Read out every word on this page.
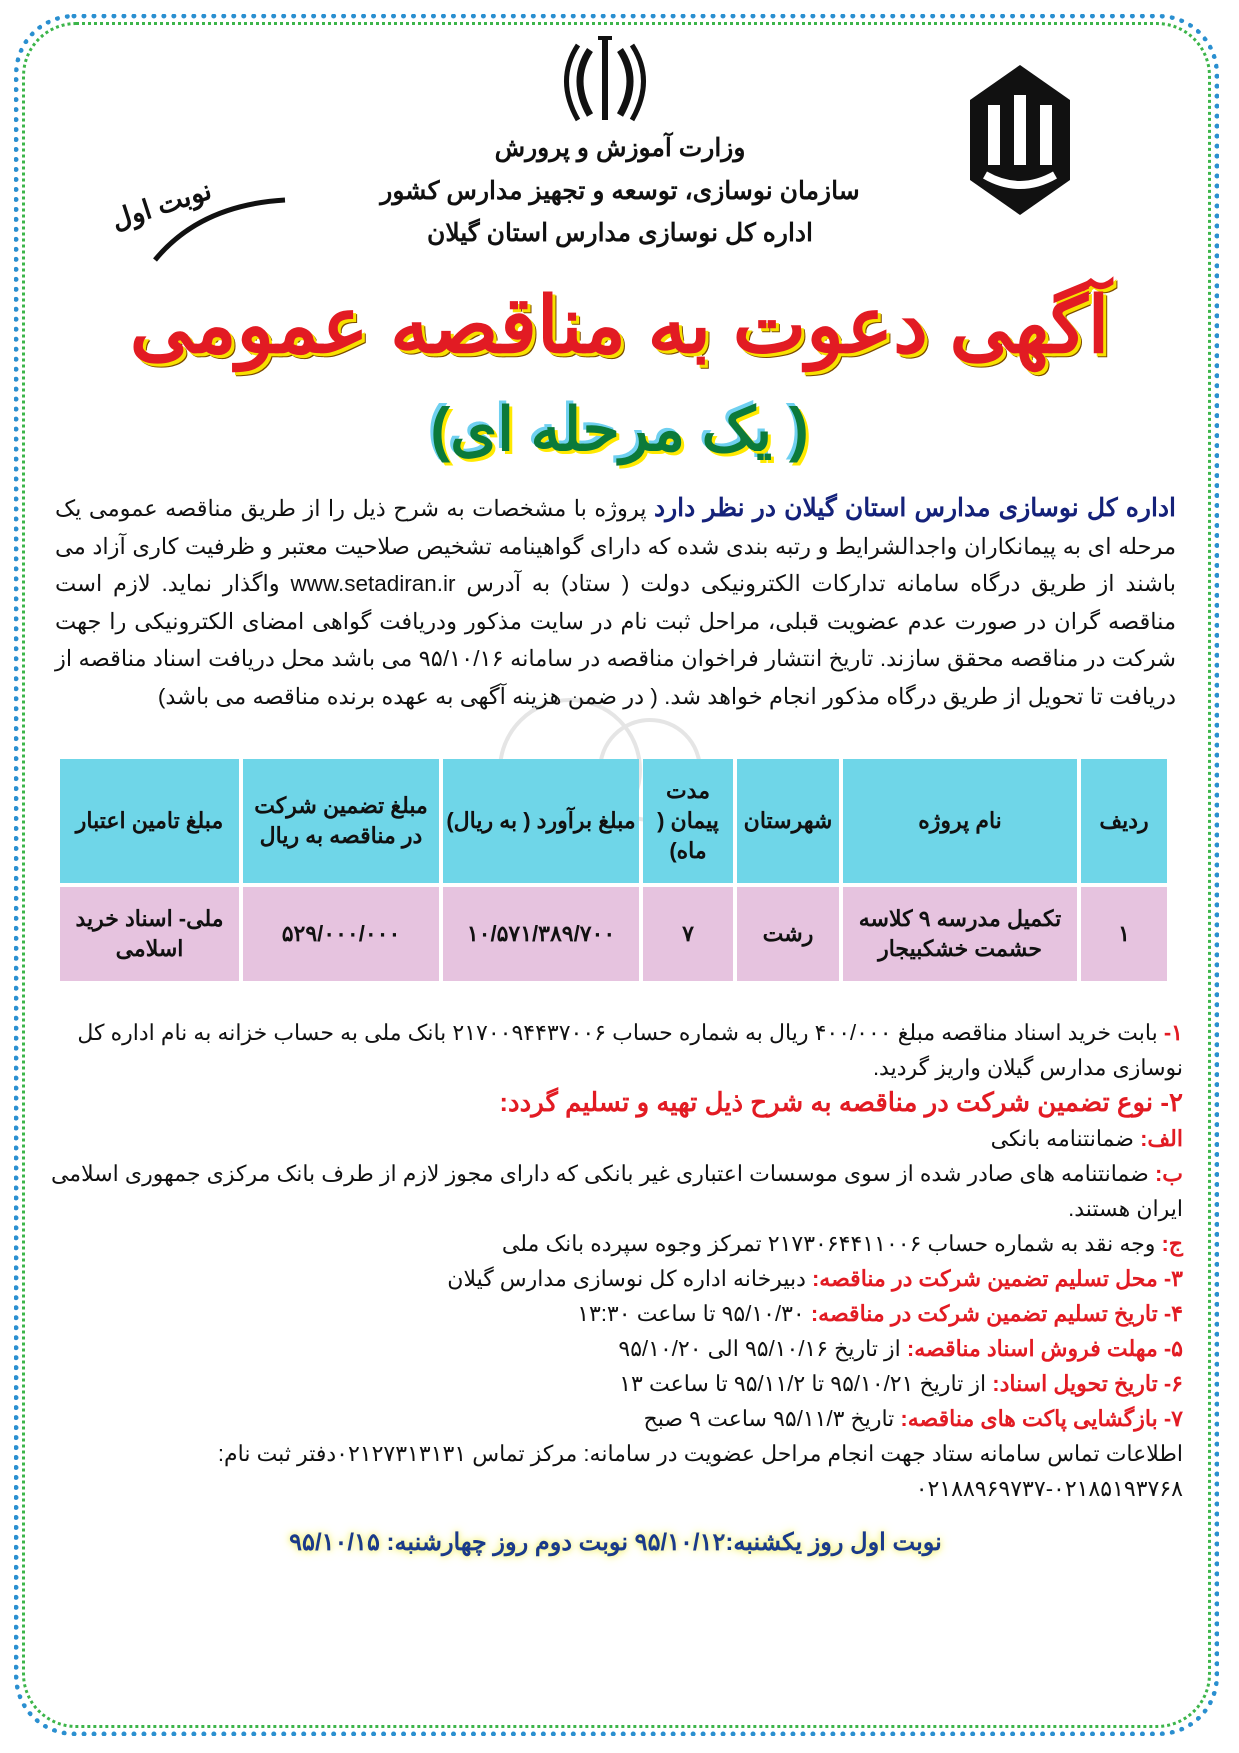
وزارت آموزش و پرورش
سازمان نوسازی، توسعه و تجهیز مدارس کشور
اداره کل نوسازی مدارس استان گیلان
نوبت اول
آگهی دعوت به مناقصه عمومی
( یک مرحله ای)
اداره کل نوسازی مدارس استان گیلان در نظر دارد پروژه با مشخصات به شرح ذیل را از طریق مناقصه عمومی یک مرحله ای به پیمانکاران واجدالشرایط و رتبه بندی شده که دارای گواهینامه تشخیص صلاحیت معتبر و ظرفیت کاری آزاد می باشند از طریق درگاه سامانه تدارکات الکترونیکی دولت ( ستاد) به آدرس www.setadiran.ir واگذار نماید. لازم است مناقصه گران در صورت عدم عضویت قبلی، مراحل ثبت نام در سایت مذکور ودریافت گواهی امضای الکترونیکی را جهت شرکت در مناقصه محقق سازند. تاریخ انتشار فراخوان مناقصه در سامانه ۹۵/۱۰/۱۶ می باشد محل دریافت اسناد مناقصه از دریافت تا تحویل از طریق درگاه مذکور انجام خواهد شد. ( در ضمن هزینه آگهی به عهده برنده مناقصه می باشد)
ردیف	نام پروژه	شهرستان	مدت پیمان ( ماه)	مبلغ برآورد ( به ریال)	مبلغ تضمین شرکت در مناقصه به ریال	مبلغ تامین اعتبار
۱	تکمیل مدرسه ۹ کلاسه حشمت خشکبیجار	رشت	۷	۱۰/۵۷۱/۳۸۹/۷۰۰	۵۲۹/۰۰۰/۰۰۰	ملی- اسناد خرید اسلامی
۱- بابت خرید اسناد مناقصه مبلغ ۴۰۰/۰۰۰ ریال به شماره حساب ۲۱۷۰۰۹۴۴۳۷۰۰۶ بانک ملی به حساب خزانه به نام اداره کل نوسازی مدارس گیلان واریز گردید.
۲- نوع تضمین شرکت در مناقصه به شرح ذیل تهیه و تسلیم گردد:
الف: ضمانتنامه بانکی
ب: ضمانتنامه های صادر شده از سوی موسسات اعتباری غیر بانکی که دارای مجوز لازم از طرف بانک مرکزی جمهوری اسلامی ایران هستند.
ج: وجه نقد به شماره حساب ۲۱۷۳۰۶۴۴۱۱۰۰۶ تمرکز وجوه سپرده بانک ملی
۳- محل تسلیم تضمین شرکت در مناقصه: دبیرخانه اداره کل نوسازی مدارس گیلان
۴- تاریخ تسلیم تضمین شرکت در مناقصه: ۹۵/۱۰/۳۰ تا ساعت ۱۳:۳۰
۵- مهلت فروش اسناد مناقصه: از تاریخ ۹۵/۱۰/۱۶ الی ۹۵/۱۰/۲۰
۶- تاریخ تحویل اسناد: از تاریخ ۹۵/۱۰/۲۱ تا ۹۵/۱۱/۲ تا ساعت ۱۳
۷- بازگشایی پاکت های مناقصه: تاریخ ۹۵/۱۱/۳ ساعت ۹ صبح
اطلاعات تماس سامانه ستاد جهت انجام مراحل عضویت در سامانه: مرکز تماس ۰۲۱۲۷۳۱۳۱۳۱دفتر ثبت نام: ۰۲۱۸۵۱۹۳۷۶۸-۰۲۱۸۸۹۶۹۷۳۷
نوبت اول روز یکشنبه:۹۵/۱۰/۱۲ نوبت دوم روز چهارشنبه: ۹۵/۱۰/۱۵
